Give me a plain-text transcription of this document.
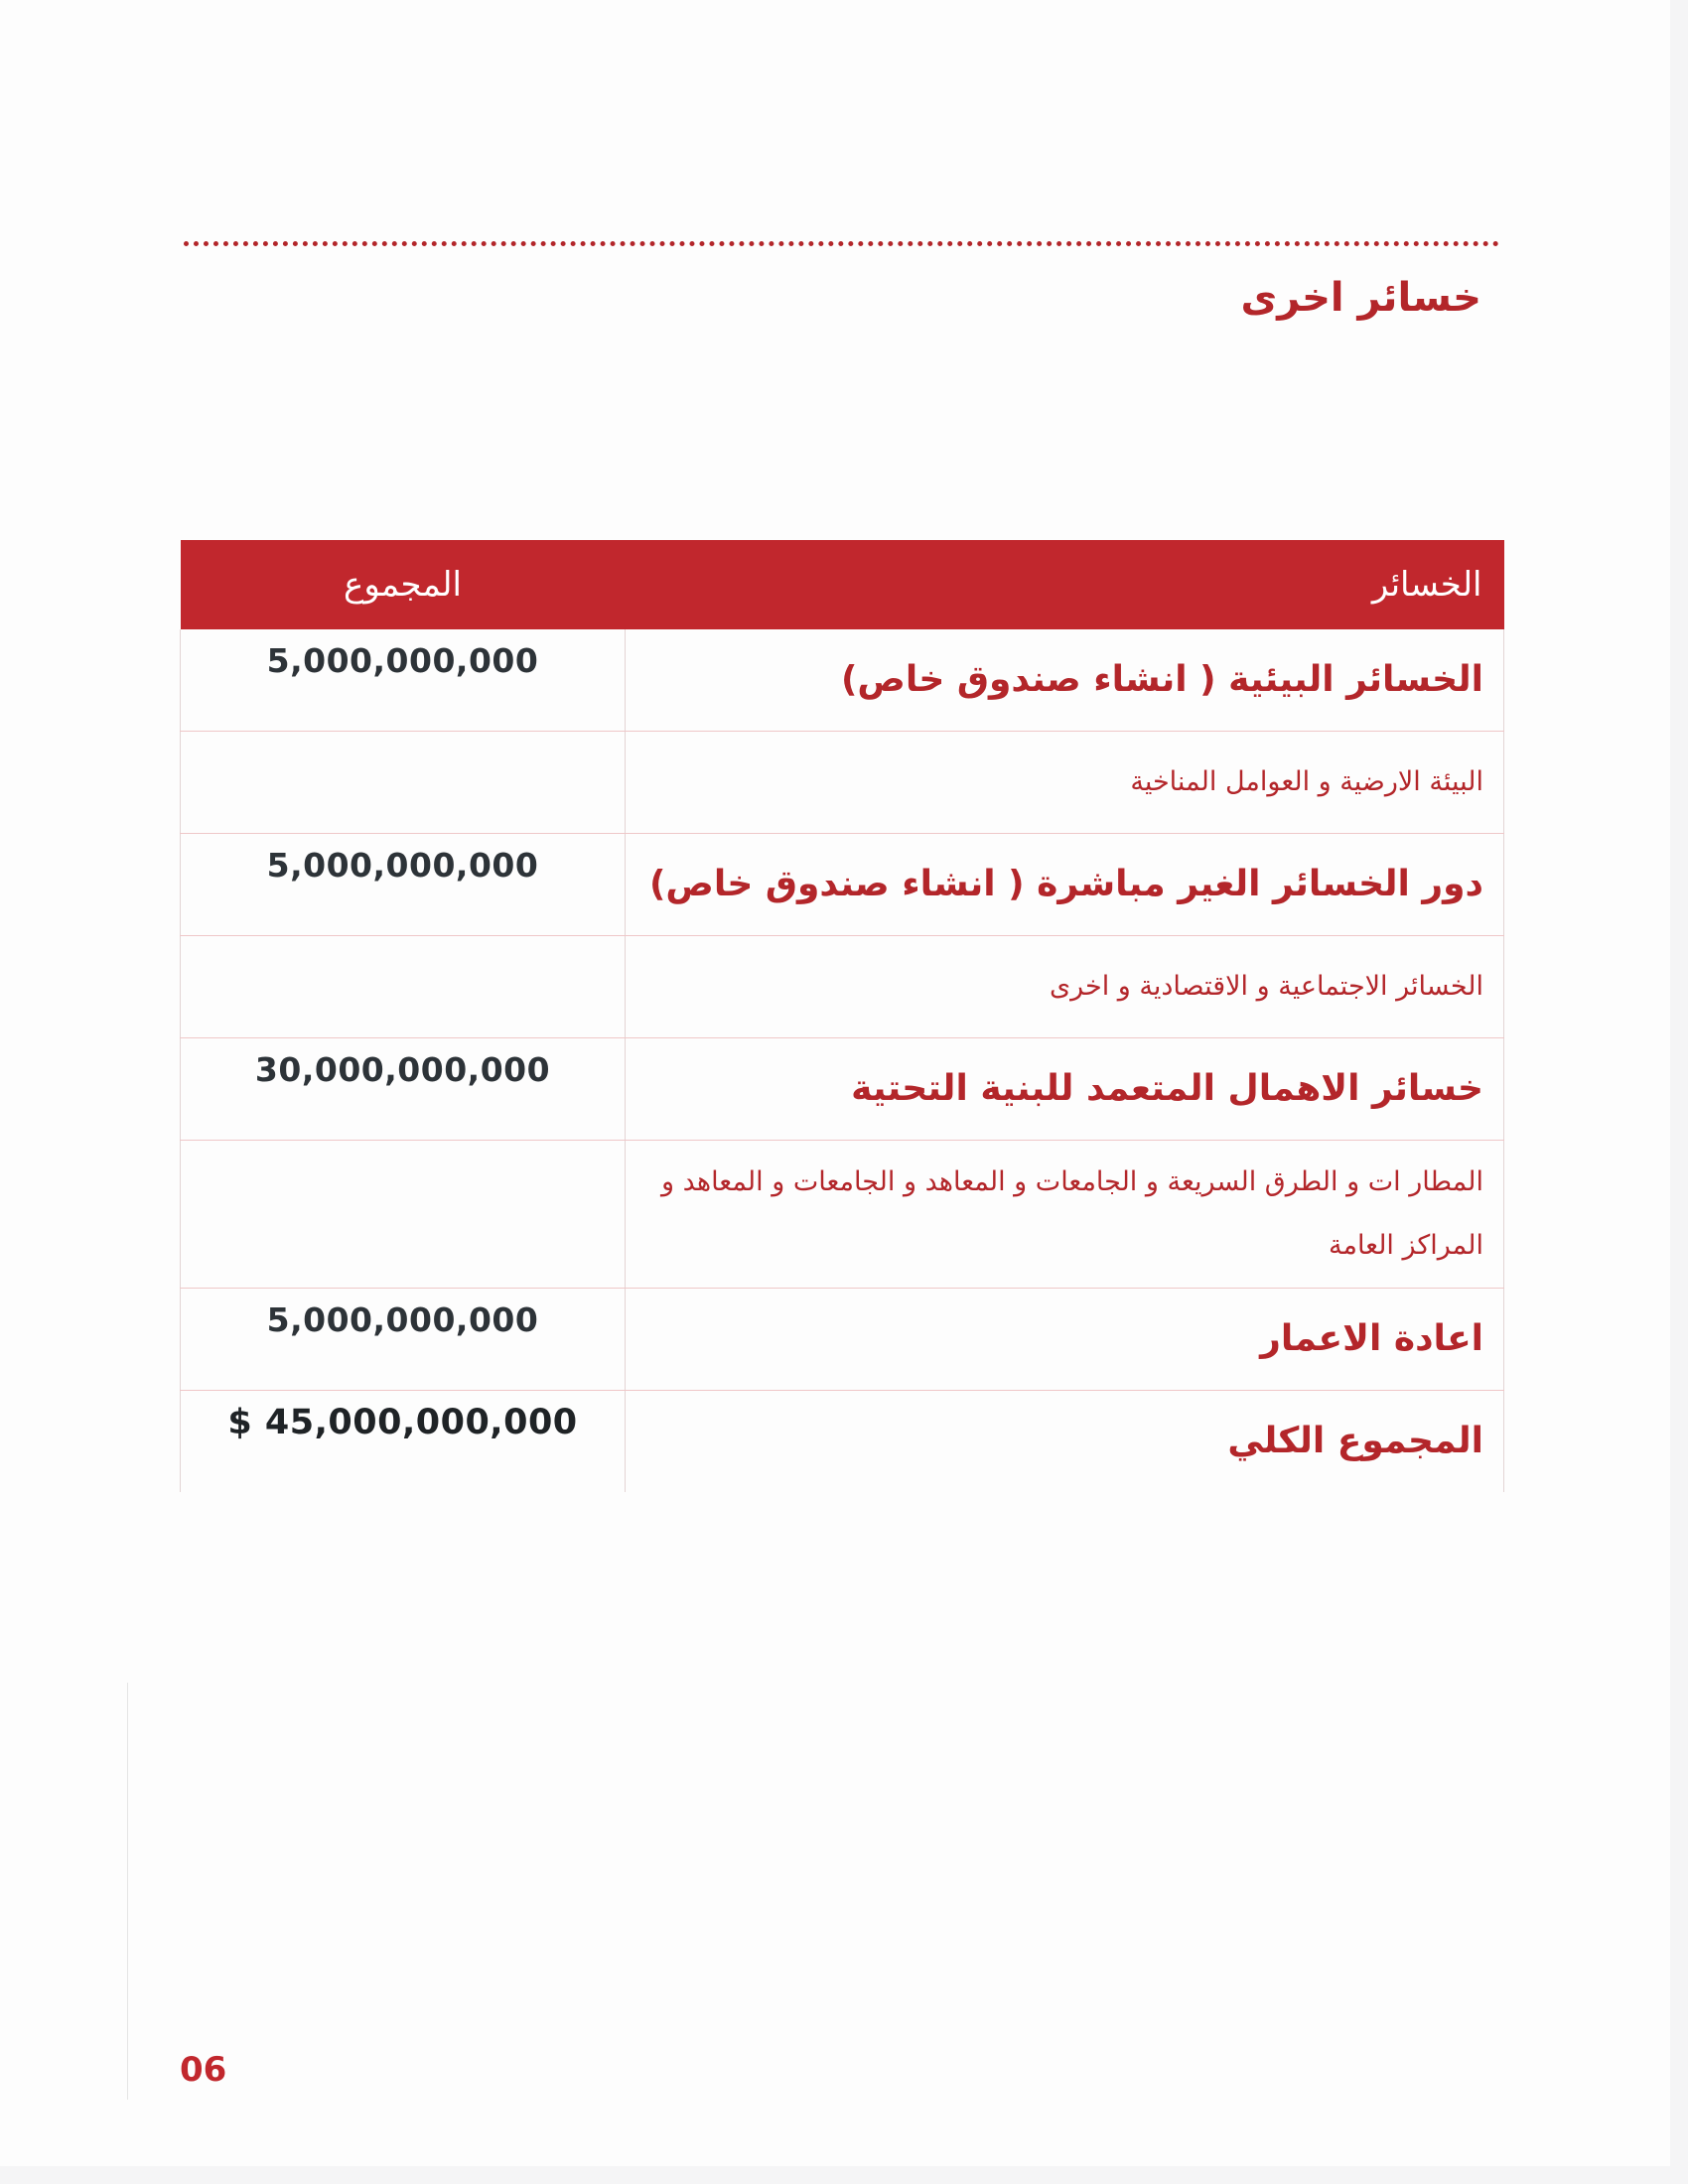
خسائر اخرى
الخسائر	المجموع
الخسائر البيئية ( انشاء صندوق خاص)	5,000,000,000

البيئة الارضية و العوامل المناخية	

دور الخسائر الغير مباشرة ( انشاء صندوق خاص)	5,000,000,000

الخسائر الاجتماعية و الاقتصادية و اخرى	

خسائر الاهمال المتعمد للبنية التحتية	30,000,000,000

المطار ات و الطرق السريعة و الجامعات و المعاهد و الجامعات و المعاهد و المراكز العامة	

اعادة الاعمار	5,000,000,000
المجموع الكلي	$ 45,000,000,000
06
